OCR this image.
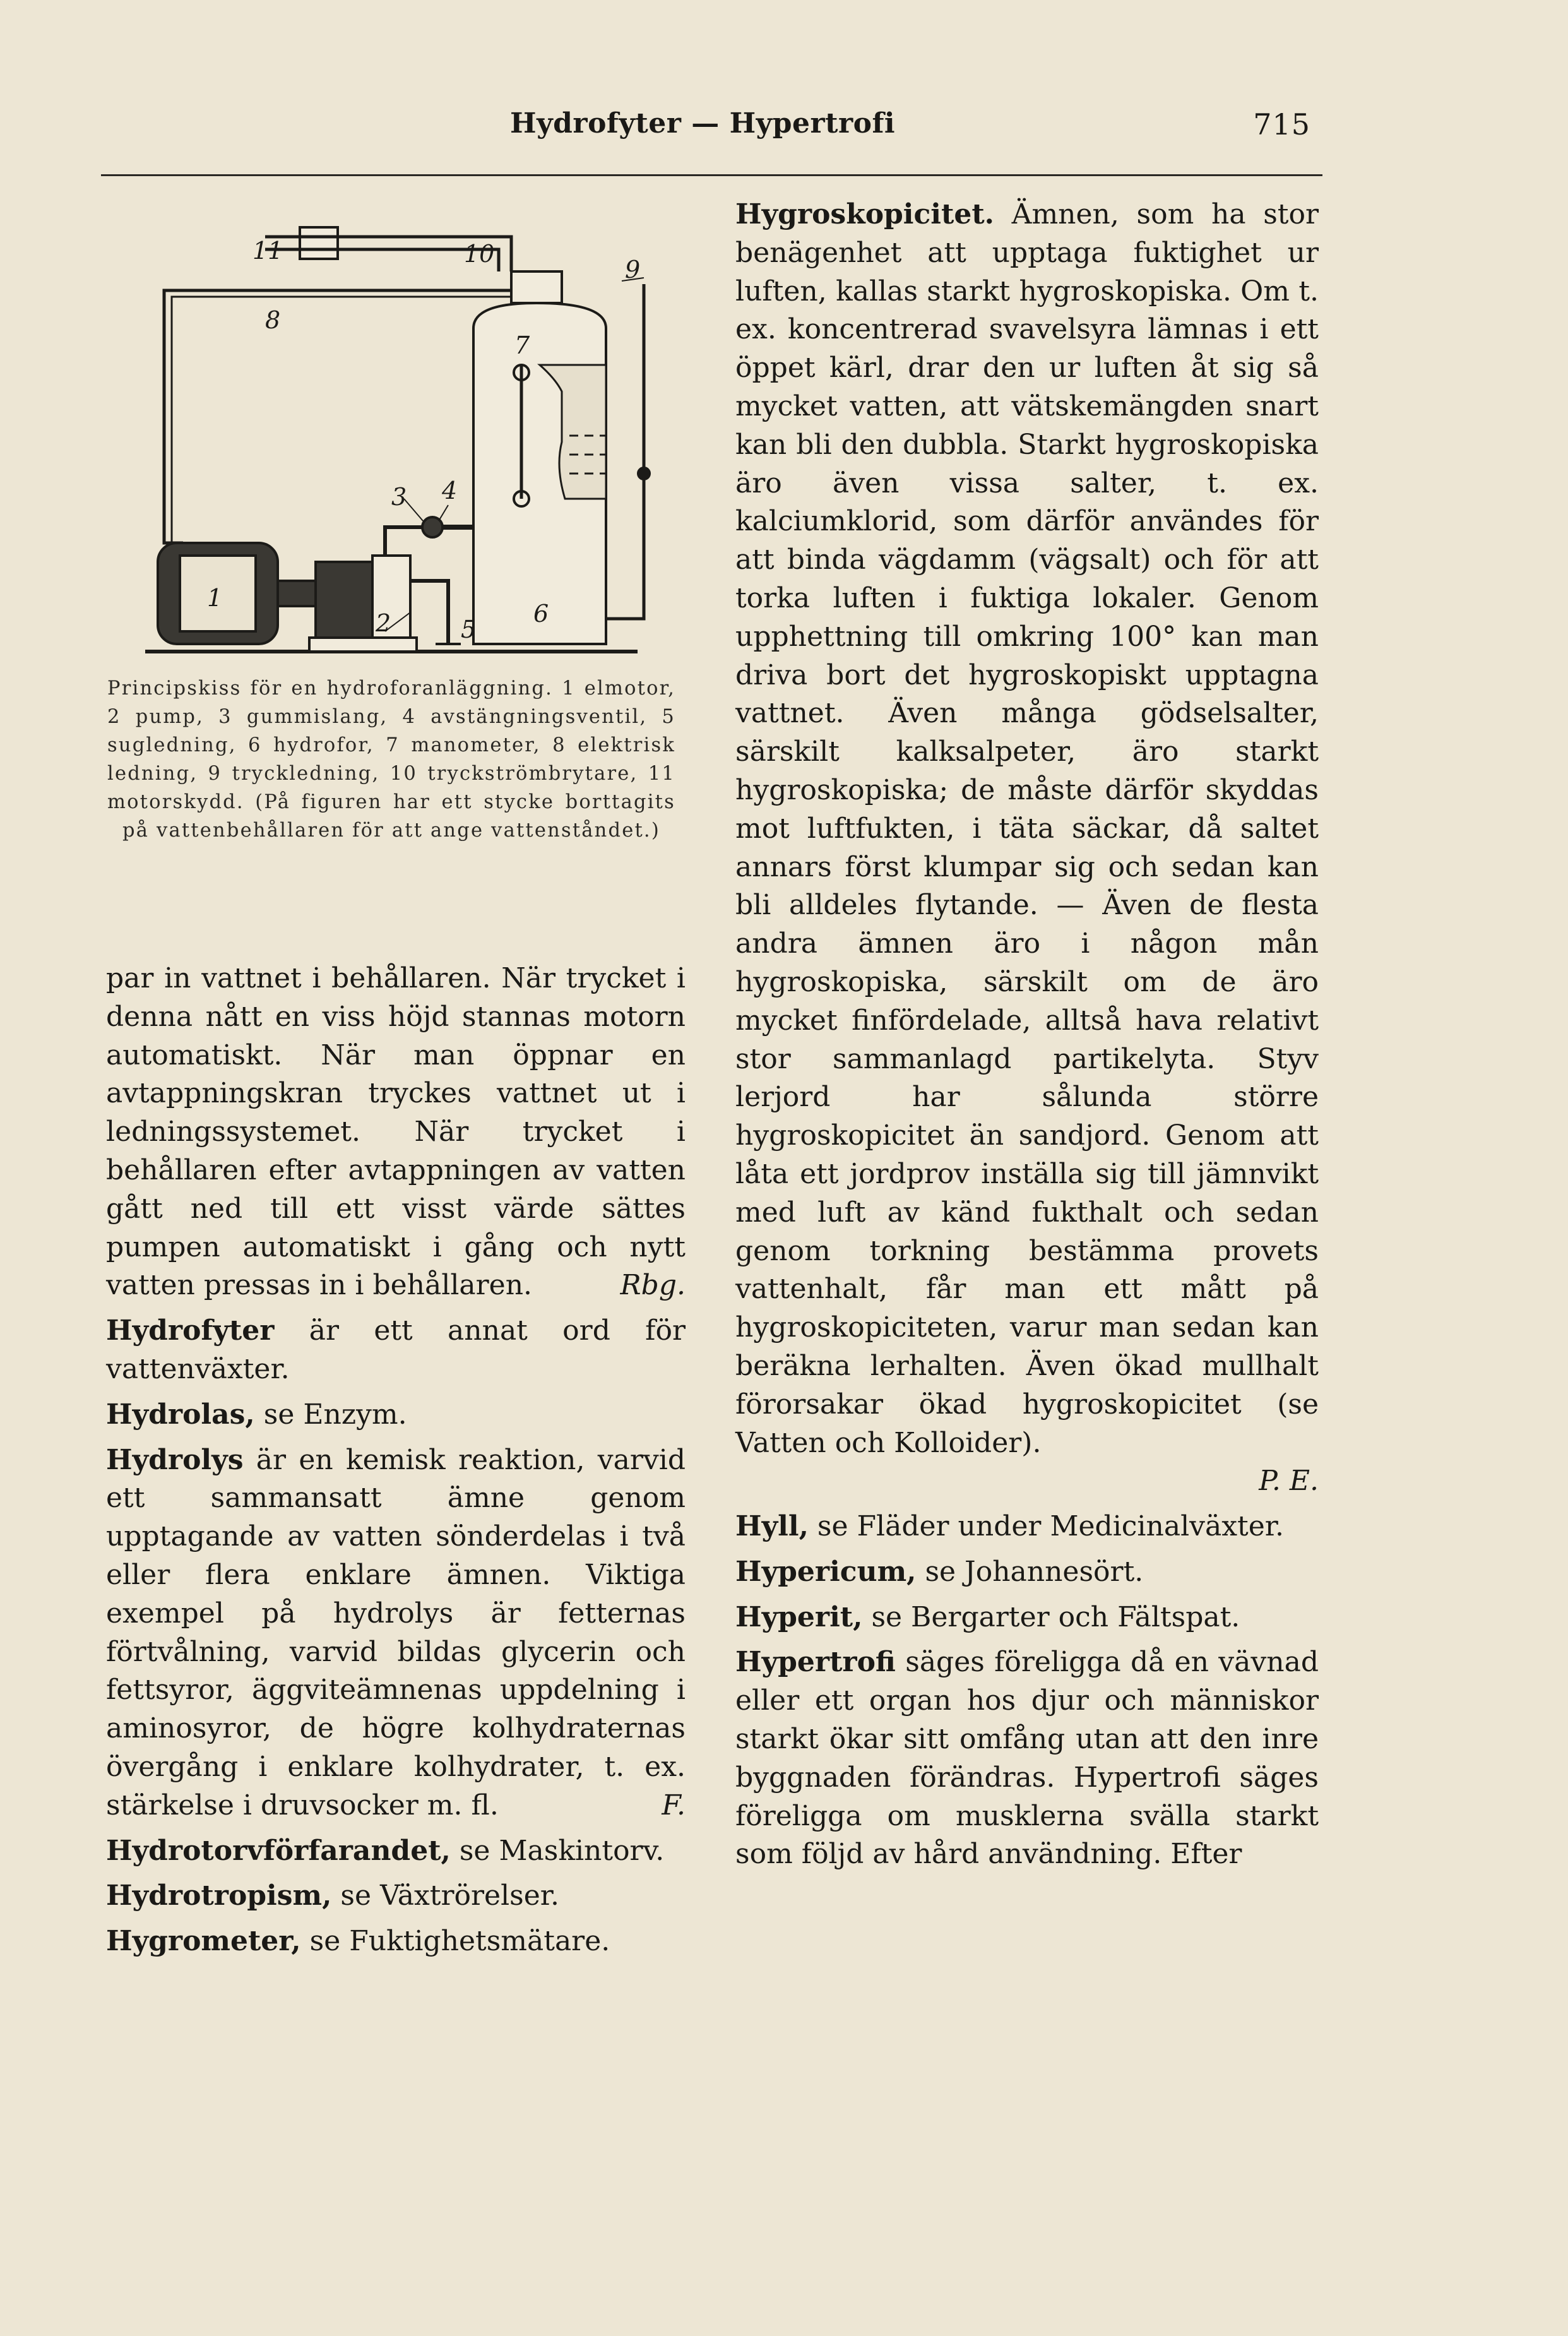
Hydrofyter — Hypertrofi	715
1
2
3 4
5
6
7
8
9
10
11
Principskiss för en hydroforanläggning. 1 elmotor, 2 pump, 3 gummislang, 4 avstängningsventil, 5 sugledning, 6 hydrofor, 7 manometer, 8 elektrisk ledning, 9 tryckledning, 10 tryckströmbrytare, 11 motorskydd. (På figuren har ett stycke borttagits på vattenbehållaren för att ange vattenståndet.)
par in vattnet i behållaren. När trycket i denna nått en viss höjd stannas motorn automatiskt. När man öppnar en avtappningskran tryckes vattnet ut i ledningssystemet. När trycket i behållaren efter avtappningen av vatten gått ned till ett visst värde sättes pumpen automatiskt i gång och nytt vatten pressas in i behållaren.	Rbg.
Hydrofyter är ett annat ord för vattenväxter.
Hydrolas, se Enzym.
Hydrolys är en kemisk reaktion, varvid ett sammansatt ämne genom upptagande av vatten sönderdelas i två eller flera enklare ämnen. Viktiga exempel på hydrolys är fetternas förtvålning, varvid bildas glycerin och fettsyror, äggviteämnenas uppdelning i aminosyror, de högre kolhydraternas övergång i enklare kolhydrater, t. ex. stärkelse i druvsocker m. fl.	F.
Hydrotorvförfarandet, se Maskintorv.
Hydrotropism, se Växtrörelser.
Hygrometer, se Fuktighetsmätare.
Hygroskopicitet. Ämnen, som ha stor benägenhet att upptaga fuktighet ur luften, kallas starkt hygroskopiska. Om t. ex. koncentrerad svavelsyra lämnas i ett öppet kärl, drar den ur luften åt sig så mycket vatten, att vätskemängden snart kan bli den dubbla. Starkt hygroskopiska äro även vissa salter, t. ex. kalciumklorid, som därför användes för att binda vägdamm (vägsalt) och för att torka luften i fuktiga lokaler. Genom upphettning till omkring 100° kan man driva bort det hygroskopiskt upptagna vattnet. Även många gödselsalter, särskilt kalksalpeter, äro starkt hygroskopiska; de måste därför skyddas mot luftfukten, i täta säckar, då saltet annars först klumpar sig och sedan kan bli alldeles flytande. — Även de flesta andra ämnen äro i någon mån hygroskopiska, särskilt om de äro mycket finfördelade, alltså hava relativt stor sammanlagd partikelyta. Styv lerjord har sålunda större hygroskopicitet än sandjord. Genom att låta ett jordprov inställa sig till jämnvikt med luft av känd fukthalt och sedan genom torkning bestämma provets vattenhalt, får man ett mått på hygroskopiciteten, varur man sedan kan beräkna lerhalten. Även ökad mullhalt förorsakar ökad hygroskopicitet (se Vatten och Kolloider).
P. E.
Hyll, se Fläder under Medicinalväxter.
Hypericum, se Johannesört.
Hyperit, se Bergarter och Fältspat.
Hypertrofi säges föreligga då en vävnad eller ett organ hos djur och människor starkt ökar sitt omfång utan att den inre byggnaden förändras. Hypertrofi säges föreligga om musklerna svälla starkt som följd av hård användning. Efter
